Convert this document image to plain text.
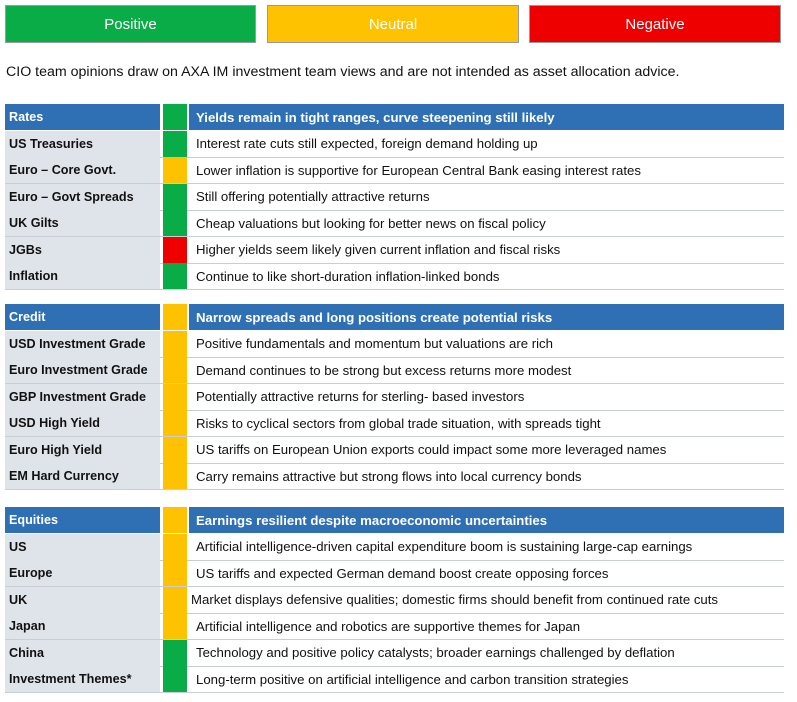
Positive	Neutral	Negative
CIO team opinions draw on AXA IM investment team views and are not intended as asset allocation advice.
Rates	Yields remain in tight ranges, curve steepening still likely
US Treasuries	Interest rate cuts still expected, foreign demand holding up
Euro – Core Govt.	Lower inflation is supportive for European Central Bank easing interest rates
Euro – Govt Spreads	Still offering potentially attractive returns
UK Gilts	Cheap valuations but looking for better news on fiscal policy
JGBs	Higher yields seem likely given current inflation and fiscal risks
Inflation	Continue to like short-duration inflation-linked bonds
Credit	Narrow spreads and long positions create potential risks
USD Investment Grade	Positive fundamentals and momentum but valuations are rich
Euro Investment Grade	Demand continues to be strong but excess returns more modest
GBP Investment Grade	Potentially attractive returns for sterling- based investors
USD High Yield	Risks to cyclical sectors from global trade situation, with spreads tight
Euro High Yield	US tariffs on European Union exports could impact some more leveraged names
EM Hard Currency	Carry remains attractive but strong flows into local currency bonds
Equities	Earnings resilient despite macroeconomic uncertainties
US	Artificial intelligence-driven capital expenditure boom is sustaining large-cap earnings
Europe	US tariffs and expected German demand boost create opposing forces
UK	Market displays defensive qualities; domestic firms should benefit from continued rate cuts
Japan	Artificial intelligence and robotics are supportive themes for Japan
China	Technology and positive policy catalysts; broader earnings challenged by deflation
Investment Themes*	Long-term positive on artificial intelligence and carbon transition strategies
